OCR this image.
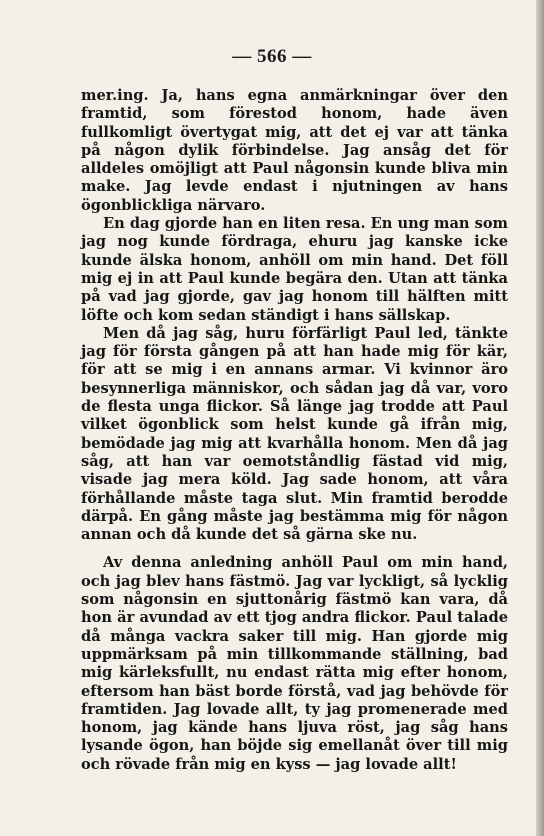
— 566 —

mer.ing. Ja, hans egna anmärkningar över den framtid, som förestod honom, hade även fullkomligt övertygat mig, att det ej var att tänka på någon dylik förbindelse. Jag ansåg det för alldeles omöjligt att Paul någonsin kunde bliva min make. Jag levde endast i njutningen av hans ögonblickliga närvaro.

En dag gjorde han en liten resa. En ung man som jag nog kunde fördraga, ehuru jag kanske icke kunde älska honom, anhöll om min hand. Det föll mig ej in att Paul kunde begära den. Utan att tänka på vad jag gjorde, gav jag honom till hälften mitt löfte och kom sedan ständigt i hans sällskap.

Men då jag såg, huru förfärligt Paul led, tänkte jag för första gången på att han hade mig för kär, för att se mig i en annans armar. Vi kvinnor äro besynnerliga människor, och sådan jag då var, voro de flesta unga flickor. Så länge jag trodde att Paul vilket ögonblick som helst kunde gå ifrån mig, bemödade jag mig att kvarhålla honom. Men då jag såg, att han var oemotståndlig fästad vid mig, visade jag mera köld. Jag sade honom, att våra förhållande måste taga slut. Min framtid berodde därpå. En gång måste jag bestämma mig för någon annan och då kunde det så gärna ske nu.

Av denna anledning anhöll Paul om min hand, och jag blev hans fästmö. Jag var lyckligt, så lycklig som någonsin en sjuttonårig fästmö kan vara, då hon är avundad av ett tjog andra flickor. Paul talade då många vackra saker till mig. Han gjorde mig uppmärksam på min tillkommande ställning, bad mig kärleksfullt, nu endast rätta mig efter honom, eftersom han bäst borde förstå, vad jag behövde för framtiden. Jag lovade allt, ty jag promenerade med honom, jag kände hans ljuva röst, jag såg hans lysande ögon, han böjde sig emellanåt över till mig och rövade från mig en kyss — jag lovade allt!
